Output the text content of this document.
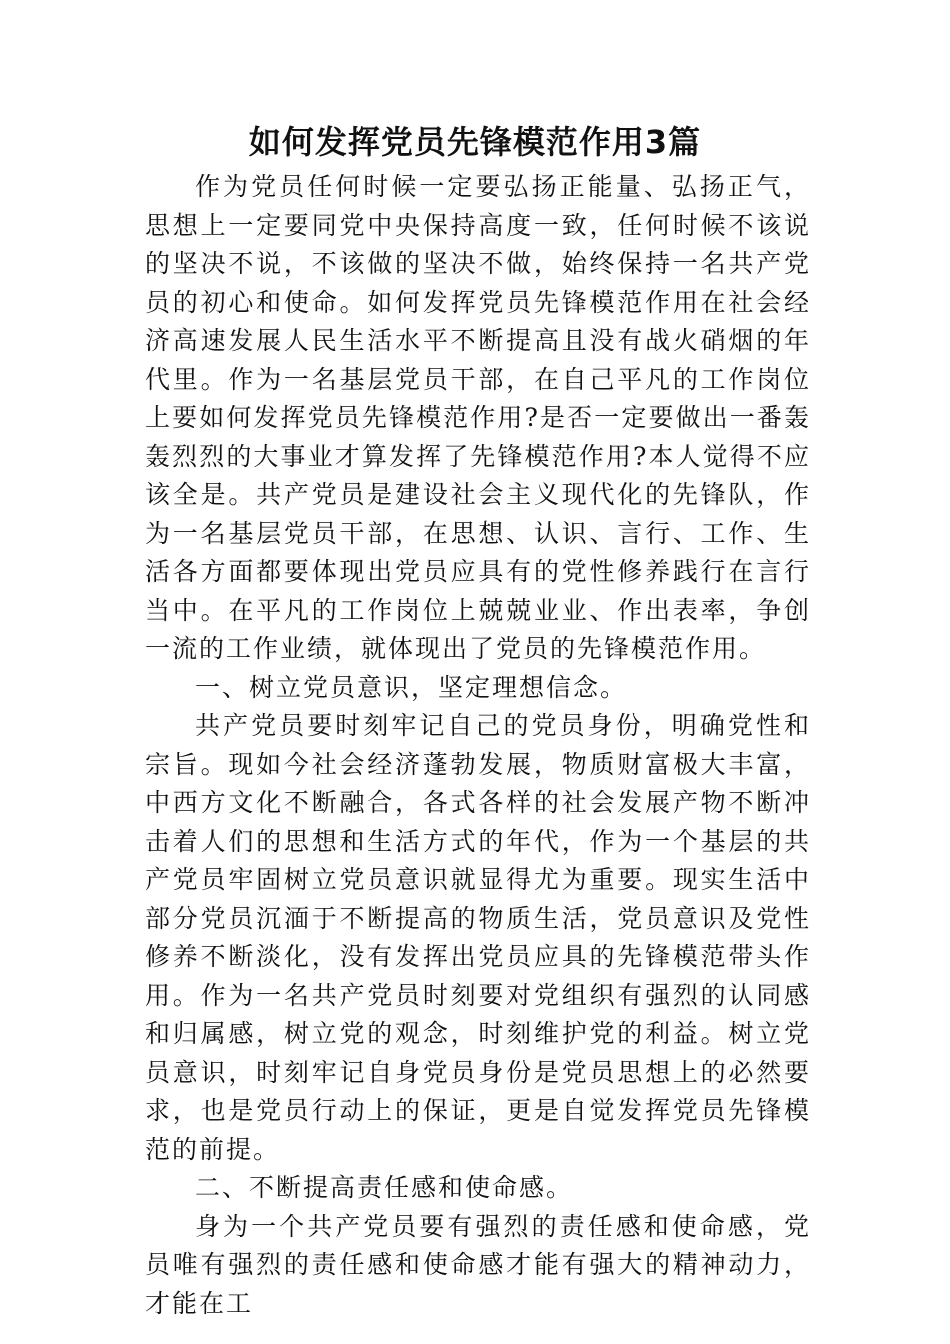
如何发挥党员先锋模范作用3篇

作为党员任何时候一定要弘扬正能量、弘扬正气，思想上一定要同党中央保持高度一致，任何时候不该说的坚决不说，不该做的坚决不做，始终保持一名共产党员的初心和使命。如何发挥党员先锋模范作用在社会经济高速发展人民生活水平不断提高且没有战火硝烟的年代里。作为一名基层党员干部，在自己平凡的工作岗位上要如何发挥党员先锋模范作用?是否一定要做出一番轰轰烈烈的大事业才算发挥了先锋模范作用?本人觉得不应该全是。共产党员是建设社会主义现代化的先锋队，作为一名基层党员干部，在思想、认识、言行、工作、生活各方面都要体现出党员应具有的党性修养践行在言行当中。在平凡的工作岗位上兢兢业业、作出表率，争创一流的工作业绩，就体现出了党员的先锋模范作用。

一、树立党员意识，坚定理想信念。

共产党员要时刻牢记自己的党员身份，明确党性和宗旨。现如今社会经济蓬勃发展，物质财富极大丰富，中西方文化不断融合，各式各样的社会发展产物不断冲击着人们的思想和生活方式的年代，作为一个基层的共产党员牢固树立党员意识就显得尤为重要。现实生活中部分党员沉湎于不断提高的物质生活，党员意识及党性修养不断淡化，没有发挥出党员应具的先锋模范带头作用。作为一名共产党员时刻要对党组织有强烈的认同感和归属感，树立党的观念，时刻维护党的利益。树立党员意识，时刻牢记自身党员身份是党员思想上的必然要求，也是党员行动上的保证，更是自觉发挥党员先锋模范的前提。

二、不断提高责任感和使命感。

身为一个共产党员要有强烈的责任感和使命感，党员唯有强烈的责任感和使命感才能有强大的精神动力，才能在工
